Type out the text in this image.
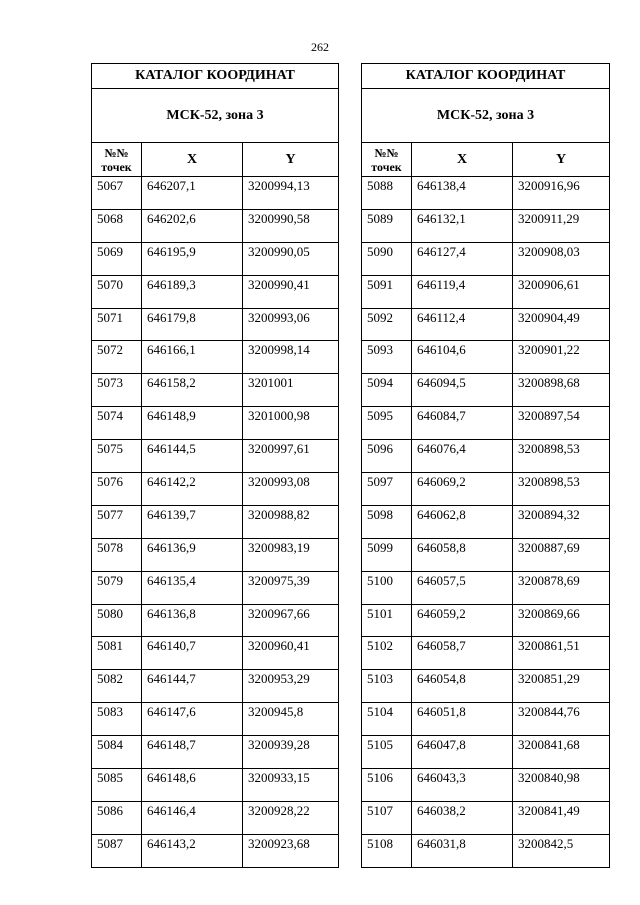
262
КАТАЛОГ КООРДИНАТ		
МСК-52, зона 3		
№№
точек	X	Y
5067	646207,1	3200994,13
5068	646202,6	3200990,58
5069	646195,9	3200990,05
5070	646189,3	3200990,41
5071	646179,8	3200993,06
5072	646166,1	3200998,14
5073	646158,2	3201001
5074	646148,9	3201000,98
5075	646144,5	3200997,61
5076	646142,2	3200993,08
5077	646139,7	3200988,82
5078	646136,9	3200983,19
5079	646135,4	3200975,39
5080	646136,8	3200967,66
5081	646140,7	3200960,41
5082	646144,7	3200953,29
5083	646147,6	3200945,8
5084	646148,7	3200939,28
5085	646148,6	3200933,15
5086	646146,4	3200928,22
5087	646143,2	3200923,68
КАТАЛОГ КООРДИНАТ		
МСК-52, зона 3		
№№
точек	X	Y
5088	646138,4	3200916,96
5089	646132,1	3200911,29
5090	646127,4	3200908,03
5091	646119,4	3200906,61
5092	646112,4	3200904,49
5093	646104,6	3200901,22
5094	646094,5	3200898,68
5095	646084,7	3200897,54
5096	646076,4	3200898,53
5097	646069,2	3200898,53
5098	646062,8	3200894,32
5099	646058,8	3200887,69
5100	646057,5	3200878,69
5101	646059,2	3200869,66
5102	646058,7	3200861,51
5103	646054,8	3200851,29
5104	646051,8	3200844,76
5105	646047,8	3200841,68
5106	646043,3	3200840,98
5107	646038,2	3200841,49
5108	646031,8	3200842,5
